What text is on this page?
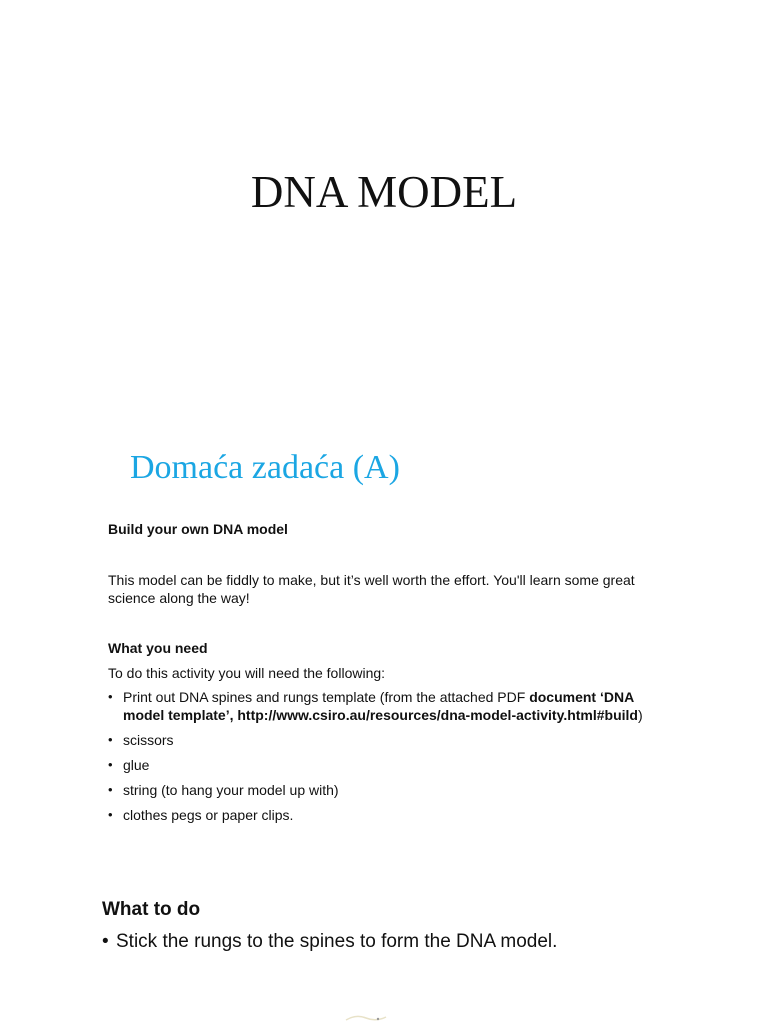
DNA MODEL
Domaća zadaća (A)
Build your own DNA model
This model can be fiddly to make, but it’s well worth the effort. You'll learn some great science along the way!
What you need
To do this activity you will need the following:
• Print out DNA spines and rungs template (from the attached PDF document ‘DNA model template’, http://www.csiro.au/resources/dna-model-activity.html#build)
• scissors
• glue
• string (to hang your model up with)
• clothes pegs or paper clips.
What to do
• Stick the rungs to the spines to form the DNA model.
